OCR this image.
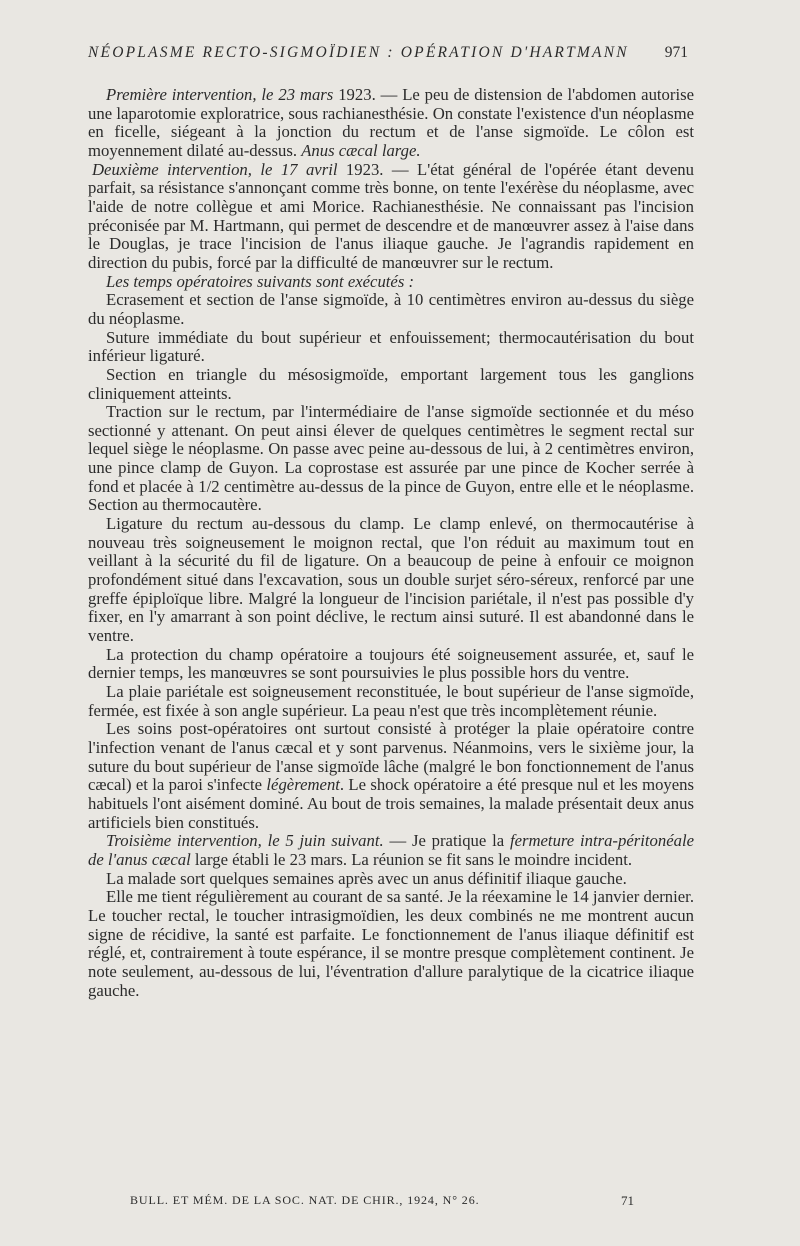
NÉOPLASME RECTO-SIGMOÏDIEN : OPÉRATION D'HARTMANN 971

Première intervention, le 23 mars 1923. — Le peu de distension de l'abdomen autorise une laparotomie exploratrice, sous rachianesthésie. On constate l'existence d'un néoplasme en ficelle, siégeant à la jonction du rectum et de l'anse sigmoïde. Le côlon est moyennement dilaté au-dessus. Anus cæcal large.

Deuxième intervention, le 17 avril 1923. — L'état général de l'opérée étant devenu parfait, sa résistance s'annonçant comme très bonne, on tente l'exérèse du néoplasme, avec l'aide de notre collègue et ami Morice. Rachianesthésie. Ne connaissant pas l'incision préconisée par M. Hartmann, qui permet de descendre et de manœuvrer assez à l'aise dans le Douglas, je trace l'incision de l'anus iliaque gauche. Je l'agrandis rapidement en direction du pubis, forcé par la difficulté de manœuvrer sur le rectum.

Les temps opératoires suivants sont exécutés :

Ecrasement et section de l'anse sigmoïde, à 10 centimètres environ au-dessus du siège du néoplasme.

Suture immédiate du bout supérieur et enfouissement; thermocautérisation du bout inférieur ligaturé.

Section en triangle du mésosigmoïde, emportant largement tous les ganglions cliniquement atteints.

Traction sur le rectum, par l'intermédiaire de l'anse sigmoïde sectionnée et du méso sectionné y attenant. On peut ainsi élever de quelques centimètres le segment rectal sur lequel siège le néoplasme. On passe avec peine au-dessous de lui, à 2 centimètres environ, une pince clamp de Guyon. La coprostase est assurée par une pince de Kocher serrée à fond et placée à 1/2 centimètre au-dessus de la pince de Guyon, entre elle et le néoplasme. Section au thermocautère.

Ligature du rectum au-dessous du clamp. Le clamp enlevé, on thermocautérise à nouveau très soigneusement le moignon rectal, que l'on réduit au maximum tout en veillant à la sécurité du fil de ligature. On a beaucoup de peine à enfouir ce moignon profondément situé dans l'excavation, sous un double surjet séro-séreux, renforcé par une greffe épiploïque libre. Malgré la longueur de l'incision pariétale, il n'est pas possible d'y fixer, en l'y amarrant à son point déclive, le rectum ainsi suturé. Il est abandonné dans le ventre.

La protection du champ opératoire a toujours été soigneusement assurée, et, sauf le dernier temps, les manœuvres se sont poursuivies le plus possible hors du ventre.

La plaie pariétale est soigneusement reconstituée, le bout supérieur de l'anse sigmoïde, fermée, est fixée à son angle supérieur. La peau n'est que très incomplètement réunie.

Les soins post-opératoires ont surtout consisté à protéger la plaie opératoire contre l'infection venant de l'anus cæcal et y sont parvenus. Néanmoins, vers le sixième jour, la suture du bout supérieur de l'anse sigmoïde lâche (malgré le bon fonctionnement de l'anus cæcal) et la paroi s'infecte légèrement. Le shock opératoire a été presque nul et les moyens habituels l'ont aisément dominé. Au bout de trois semaines, la malade présentait deux anus artificiels bien constitués.

Troisième intervention, le 5 juin suivant. — Je pratique la fermeture intra-péritonéale de l'anus cæcal large établi le 23 mars. La réunion se fit sans le moindre incident.

La malade sort quelques semaines après avec un anus définitif iliaque gauche.

Elle me tient régulièrement au courant de sa santé. Je la réexamine le 14 janvier dernier. Le toucher rectal, le toucher intrasigmoïdien, les deux combinés ne me montrent aucun signe de récidive, la santé est parfaite. Le fonctionnement de l'anus iliaque définitif est réglé, et, contrairement à toute espérance, il se montre presque complètement continent. Je note seulement, au-dessous de lui, l'éventration d'allure paralytique de la cicatrice iliaque gauche.

BULL. ET MÉM. DE LA SOC. NAT. DE CHIR., 1924, N° 26.	71
